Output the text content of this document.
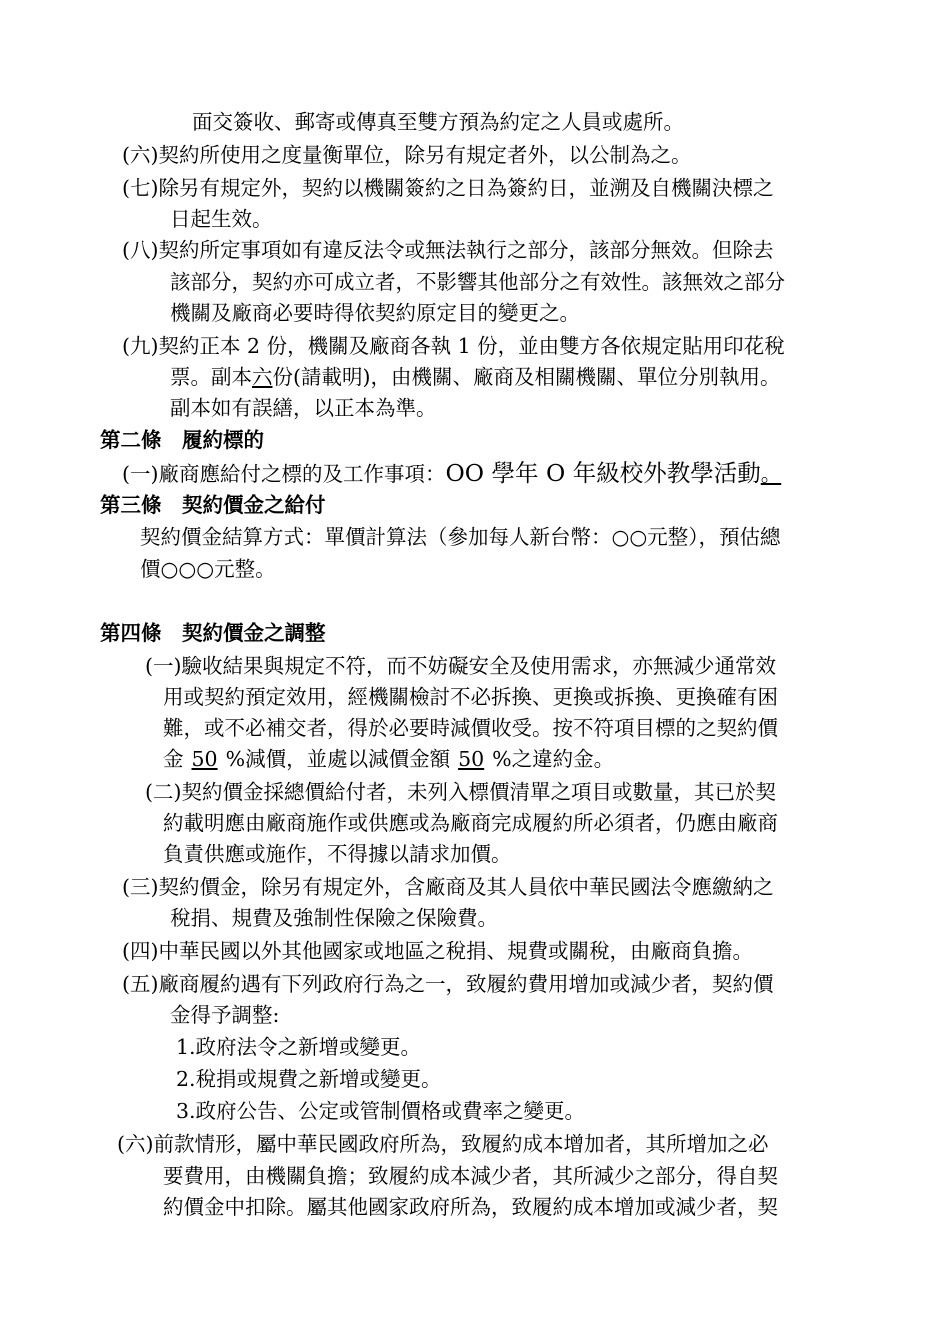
面交簽收、郵寄或傳真至雙方預為約定之人員或處所。
(六)契約所使用之度量衡單位，除另有規定者外，以公制為之。
(七)除另有規定外，契約以機關簽約之日為簽約日，並溯及自機關決標之
日起生效。
(八)契約所定事項如有違反法令或無法執行之部分，該部分無效。但除去
該部分，契約亦可成立者，不影響其他部分之有效性。該無效之部分
機關及廠商必要時得依契約原定目的變更之。
(九)契約正本 2 份，機關及廠商各執 1 份，並由雙方各依規定貼用印花稅
票。副本六份(請載明)，由機關、廠商及相關機關、單位分別執用。
副本如有誤繕，以正本為準。
第二條　履約標的
(一)廠商應給付之標的及工作事項：OO 學年 O 年級校外教學活動。
第三條　契約價金之給付
契約價金結算方式：單價計算法（參加每人新台幣：○○元整），預估總
價○○○元整。
第四條　契約價金之調整
(一)驗收結果與規定不符，而不妨礙安全及使用需求，亦無減少通常效
用或契約預定效用，經機關檢討不必拆換、更換或拆換、更換確有困
難，或不必補交者，得於必要時減價收受。按不符項目標的之契約價
金 50 %減價，並處以減價金額 50 %之違約金。
(二)契約價金採總價給付者，未列入標價清單之項目或數量，其已於契
約載明應由廠商施作或供應或為廠商完成履約所必須者，仍應由廠商
負責供應或施作，不得據以請求加價。
(三)契約價金，除另有規定外，含廠商及其人員依中華民國法令應繳納之
稅捐、規費及強制性保險之保險費。
(四)中華民國以外其他國家或地區之稅捐、規費或關稅，由廠商負擔。
(五)廠商履約遇有下列政府行為之一，致履約費用增加或減少者，契約價
金得予調整:
1.政府法令之新增或變更。
2.稅捐或規費之新增或變更。
3.政府公告、公定或管制價格或費率之變更。
(六)前款情形，屬中華民國政府所為，致履約成本增加者，其所增加之必
要費用，由機關負擔；致履約成本減少者，其所減少之部分，得自契
約價金中扣除。屬其他國家政府所為，致履約成本增加或減少者，契
